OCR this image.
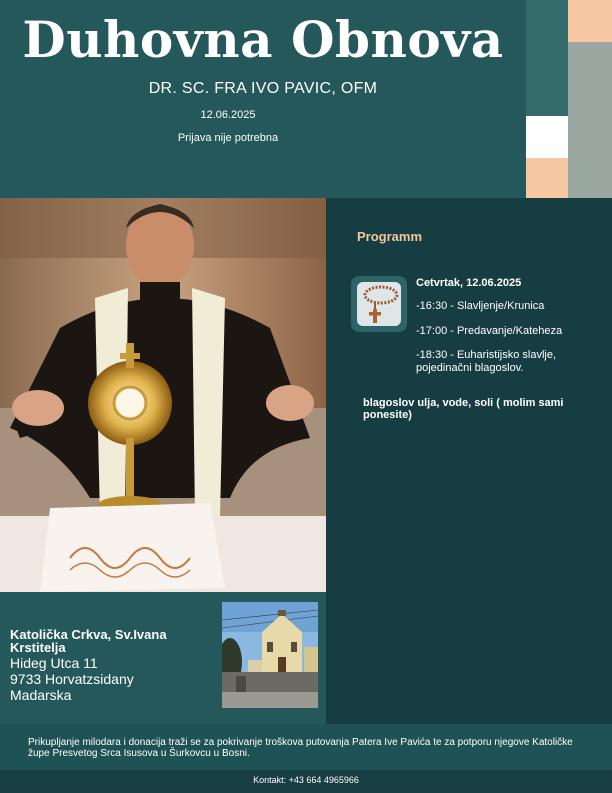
Duhovna Obnova
DR. SC. FRA IVO PAVIC, OFM
12.06.2025
Prijava nije potrebna
Programm
Cetvrtak, 12.06.2025
-16:30 - Slavljenje/Krunica
-17:00 - Predavanje/Kateheza
-18:30 - Euharistijsko slavlje, pojedinačni blagoslov.
blagoslov ulja, vode, soli ( molim sami ponesite)
Katolička Crkva, Sv.Ivana Krstitelja
Hideg Utca 11
9733 Horvatzsidany
Madarska
Prikupljanje milodara i donacija traži se za pokrivanje troškova putovanja Patera Ive Pavića te za potporu njegove Katoličke župe Presvetog Srca Isusova u Šurkovcu u Bosni.
Kontakt: +43 664 4965966
